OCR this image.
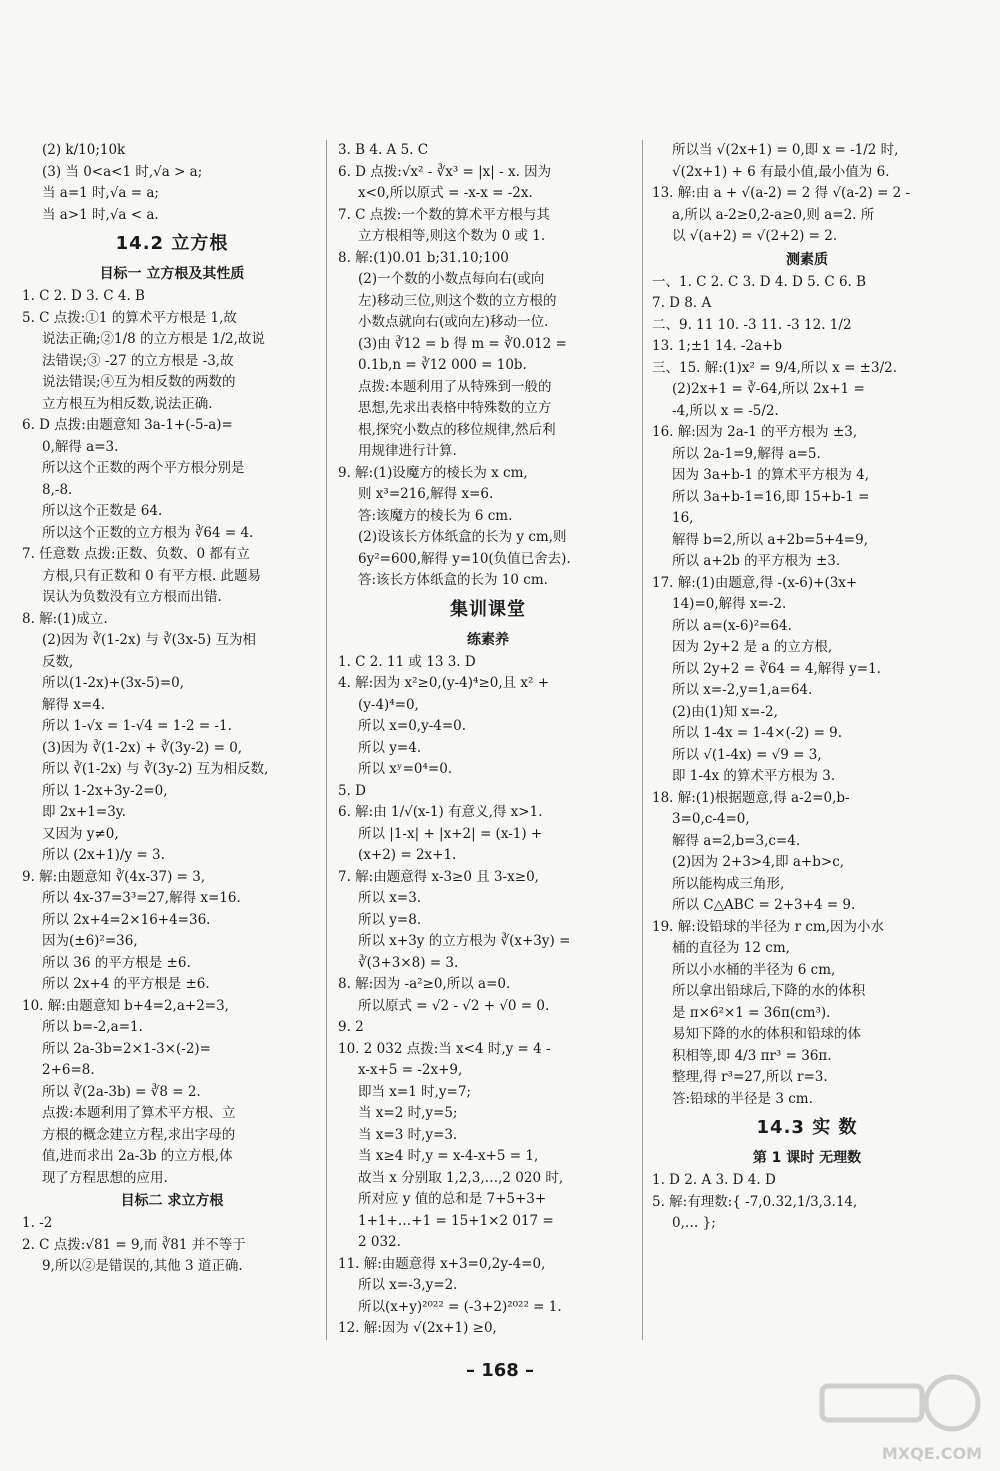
(2) k/10;10k
(3) 当 0<a<1 时,√a > a;
当 a=1 时,√a = a;
当 a>1 时,√a < a.
14.2 立方根
目标一 立方根及其性质
1. C 2. D 3. C 4. B
5. C 点拨:①1 的算术平方根是 1,故
说法正确;②1/8 的立方根是 1/2,故说
法错误;③ -27 的立方根是 -3,故
说法错误;④互为相反数的两数的
立方根互为相反数,说法正确.
6. D 点拨:由题意知 3a-1+(-5-a)=
0,解得 a=3.
所以这个正数的两个平方根分别是
8,-8.
所以这个正数是 64.
所以这个正数的立方根为 ∛64 = 4.
7. 任意数 点拨:正数、负数、0 都有立
方根,只有正数和 0 有平方根. 此题易
误认为负数没有立方根而出错.
8. 解:(1)成立.
(2)因为 ∛(1-2x) 与 ∛(3x-5) 互为相
反数,
所以(1-2x)+(3x-5)=0,
解得 x=4.
所以 1-√x = 1-√4 = 1-2 = -1.
(3)因为 ∛(1-2x) + ∛(3y-2) = 0,
所以 ∛(1-2x) 与 ∛(3y-2) 互为相反数,
所以 1-2x+3y-2=0,
即 2x+1=3y.
又因为 y≠0,
所以 (2x+1)/y = 3.
9. 解:由题意知 ∛(4x-37) = 3,
所以 4x-37=3³=27,解得 x=16.
所以 2x+4=2×16+4=36.
因为(±6)²=36,
所以 36 的平方根是 ±6.
所以 2x+4 的平方根是 ±6.
10. 解:由题意知 b+4=2,a+2=3,
所以 b=-2,a=1.
所以 2a-3b=2×1-3×(-2)=
2+6=8.
所以 ∛(2a-3b) = ∛8 = 2.
点拨:本题利用了算术平方根、立
方根的概念建立方程,求出字母的
值,进而求出 2a-3b 的立方根,体
现了方程思想的应用.
目标二 求立方根
1. -2
2. C 点拨:√81 = 9,而 ∛81 并不等于
9,所以②是错误的,其他 3 道正确.
3. B 4. A 5. C
6. D 点拨:√x² - ∛x³ = |x| - x. 因为
x<0,所以原式 = -x-x = -2x.
7. C 点拨:一个数的算术平方根与其
立方根相等,则这个数为 0 或 1.
8. 解:(1)0.01 b;31.10;100
(2)一个数的小数点每向右(或向
左)移动三位,则这个数的立方根的
小数点就向右(或向左)移动一位.
(3)由 ∛12 = b 得 m = ∛0.012 =
0.1b,n = ∛12 000 = 10b.
点拨:本题利用了从特殊到一般的
思想,先求出表格中特殊数的立方
根,探究小数点的移位规律,然后利
用规律进行计算.
9. 解:(1)设魔方的棱长为 x cm,
则 x³=216,解得 x=6.
答:该魔方的棱长为 6 cm.
(2)设该长方体纸盒的长为 y cm,则
6y²=600,解得 y=10(负值已舍去).
答:该长方体纸盒的长为 10 cm.
集训课堂
练素养
1. C 2. 11 或 13 3. D
4. 解:因为 x²≥0,(y-4)⁴≥0,且 x² +
(y-4)⁴=0,
所以 x=0,y-4=0.
所以 y=4.
所以 xʸ=0⁴=0.
5. D
6. 解:由 1/√(x-1) 有意义,得 x>1.
所以 |1-x| + |x+2| = (x-1) +
(x+2) = 2x+1.
7. 解:由题意得 x-3≥0 且 3-x≥0,
所以 x=3.
所以 y=8.
所以 x+3y 的立方根为 ∛(x+3y) =
∛(3+3×8) = 3.
8. 解:因为 -a²≥0,所以 a=0.
所以原式 = √2 - √2 + √0 = 0.
9. 2
10. 2 032 点拨:当 x<4 时,y = 4 -
x-x+5 = -2x+9,
即当 x=1 时,y=7;
当 x=2 时,y=5;
当 x=3 时,y=3.
当 x≥4 时,y = x-4-x+5 = 1,
故当 x 分别取 1,2,3,…,2 020 时,
所对应 y 值的总和是 7+5+3+
1+1+…+1 = 15+1×2 017 =
2 032.
11. 解:由题意得 x+3=0,2y-4=0,
所以 x=-3,y=2.
所以(x+y)²⁰²² = (-3+2)²⁰²² = 1.
12. 解:因为 √(2x+1) ≥0,
所以当 √(2x+1) = 0,即 x = -1/2 时,
√(2x+1) + 6 有最小值,最小值为 6.
13. 解:由 a + √(a-2) = 2 得 √(a-2) = 2 -
a,所以 a-2≥0,2-a≥0,则 a=2. 所
以 √(a+2) = √(2+2) = 2.
测素质
一、1. C 2. C 3. D 4. D 5. C 6. B
7. D 8. A
二、9. 11 10. -3 11. -3 12. 1/2
13. 1;±1 14. -2a+b
三、15. 解:(1)x² = 9/4,所以 x = ±3/2.
(2)2x+1 = ∛-64,所以 2x+1 =
-4,所以 x = -5/2.
16. 解:因为 2a-1 的平方根为 ±3,
所以 2a-1=9,解得 a=5.
因为 3a+b-1 的算术平方根为 4,
所以 3a+b-1=16,即 15+b-1 =
16,
解得 b=2,所以 a+2b=5+4=9,
所以 a+2b 的平方根为 ±3.
17. 解:(1)由题意,得 -(x-6)+(3x+
14)=0,解得 x=-2.
所以 a=(x-6)²=64.
因为 2y+2 是 a 的立方根,
所以 2y+2 = ∛64 = 4,解得 y=1.
所以 x=-2,y=1,a=64.
(2)由(1)知 x=-2,
所以 1-4x = 1-4×(-2) = 9.
所以 √(1-4x) = √9 = 3,
即 1-4x 的算术平方根为 3.
18. 解:(1)根据题意,得 a-2=0,b-
3=0,c-4=0,
解得 a=2,b=3,c=4.
(2)因为 2+3>4,即 a+b>c,
所以能构成三角形,
所以 C△ABC = 2+3+4 = 9.
19. 解:设铅球的半径为 r cm,因为小水
桶的直径为 12 cm,
所以小水桶的半径为 6 cm,
所以拿出铅球后,下降的水的体积
是 π×6²×1 = 36π(cm³).
易知下降的水的体积和铅球的体
积相等,即 4/3 πr³ = 36π.
整理,得 r³=27,所以 r=3.
答:铅球的半径是 3 cm.
14.3 实 数
第 1 课时 无理数
1. D 2. A 3. D 4. D
5. 解:有理数:{ -7,0.32,1/3,3.14,
0,… };
– 168 –
MXQE.COM
